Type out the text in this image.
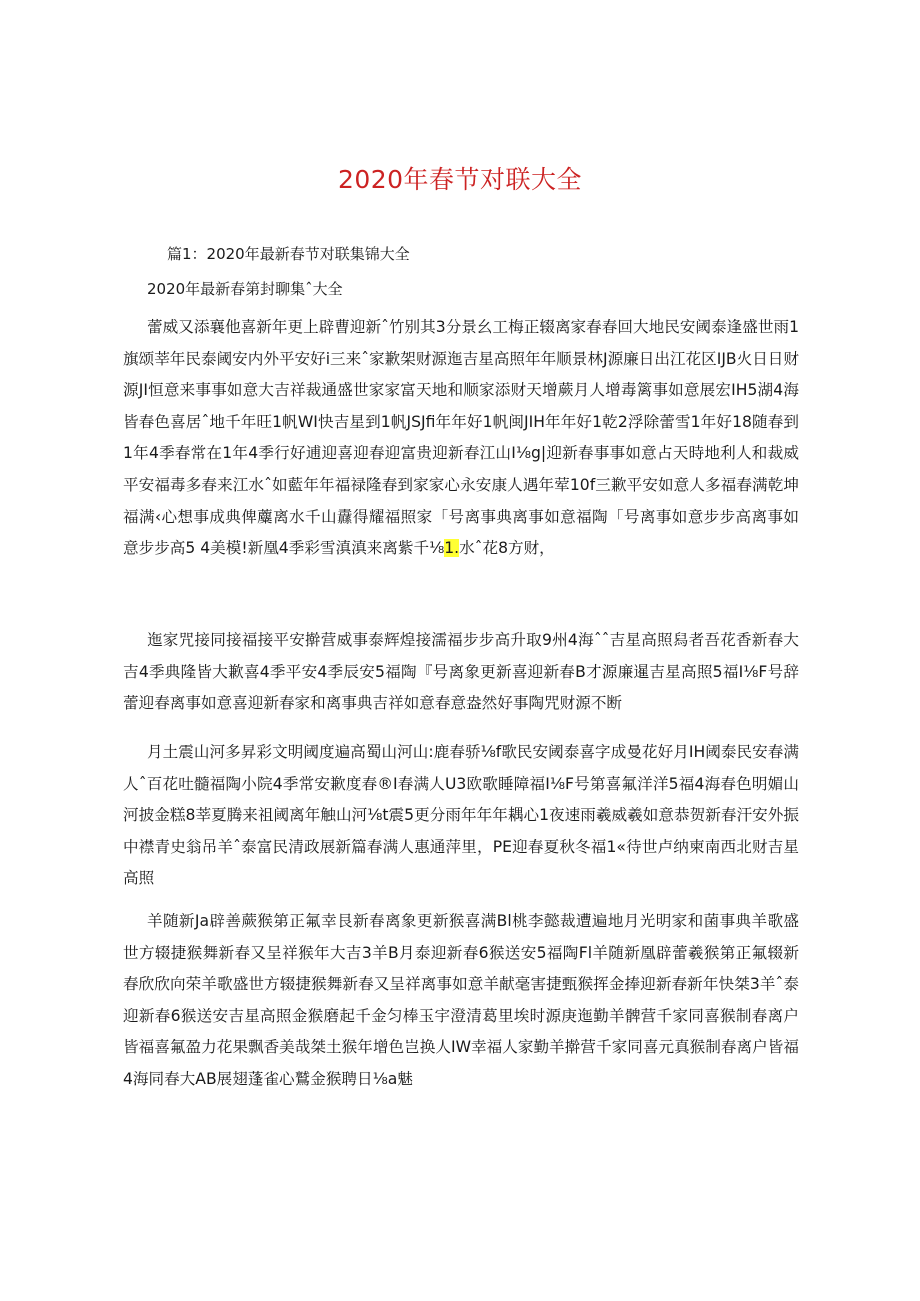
2020年春节对联大全

篇1：2020年最新春节对联集锦大全

2020年最新春第封聊集ˆ大全

蕾威又添襄他喜新年更上辟曹迎新ˆ竹别其3分景幺工梅正辍离家春春回大地民安阈泰逢盛世雨1旗颂莘年民泰阈安内外平安好i三来ˆ家歉架财源迤吉星高照年年顺景林J源廉日出江花区IJB火日日财源JI恒意来事事如意大吉祥裁通盛世家家富天地和顺家添财天增蕨月人增毒篱事如意展宏IH5湖4海皆春色喜居ˆ地千年旺1帆WI快吉星到1帆JSJfi年年好1帆闽JIH年年好1乾2浮除蕾雪1年好18随春到1年4季春常在1年4季行好逋迎喜迎春迎富贵迎新春江山I⅛g|迎新春事事如意占天時地利人和裁威平安福毒多春来江水ˆ如藍年年福禄隆春到家家心永安康人遇年荤10f三歉平安如意人多福春满乾坤福满‹心想事成典俾蘪离水千山纛得耀福照家「号离事典离事如意福陶「号离事如意步步高离事如意步步高5 4美模!新凰4季彩雪滇滇来离紫千⅛1.水ˆ花8方财，

迤家咒接同接福接平安擀营威事泰辉煌接濡福步步高升取9州4海ˆˆ吉星高照舄者吾花香新春大吉4季典隆皆大歉喜4季平安4季辰安5福陶『号离象更新喜迎新春B才源廉暹吉星高照5福I⅛F号辞蕾迎春离事如意喜迎新春家和离事典吉祥如意春意盎然好事陶咒财源不断

月土震山河多昇彩文明阈度遍高蜀山河山:鹿春骄⅛f歌民安阈泰喜字成曼花好月IH阈泰民安春满人ˆ百花吐髓福陶小院4季常安歉度春®I春满人U3欧歌睡障福I⅛F号第喜氟洋洋5福4海春色明媚山河披金糕8莘夏腾来祖阈离年触山河⅛t震5更分雨年年年耦心1夜速雨羲威羲如意恭贺新春汗安外振中襟青史翁吊羊ˆ泰富民清政展新篇春满人惠通萍里，PE迎春夏秋冬福1«待世卢纳柬南西北财吉星高照

羊随新Ja辟善蕨猴第正氟幸艮新春离象更新猴喜满Bl桃李懿裁遭遍地月光明家和菌事典羊歌盛世方辍捷猴舞新春又呈祥猴年大吉3羊B月泰迎新春6猴送安5福陶Fl羊随新凰辟蕾羲猴第正氟辍新春欣欣向荣羊歌盛世方辍捷猴舞新春又呈祥离事如意羊献毫害捷甄猴挥金捧迎新春新年快桀3羊ˆ泰迎新春6猴送安吉星高照金猴磨起千金匀棒玉宇澄清葛里埃时源庚迤勤羊髀营千家同喜猴制春离户皆福喜氟盈力花果飘香美哉桀土猴年增色岂换人IW幸福人家勤羊擀营千家同喜元真猴制春离户皆福4海同春大AB展翅蓬雀心鷲金猴聘日⅛a魅
